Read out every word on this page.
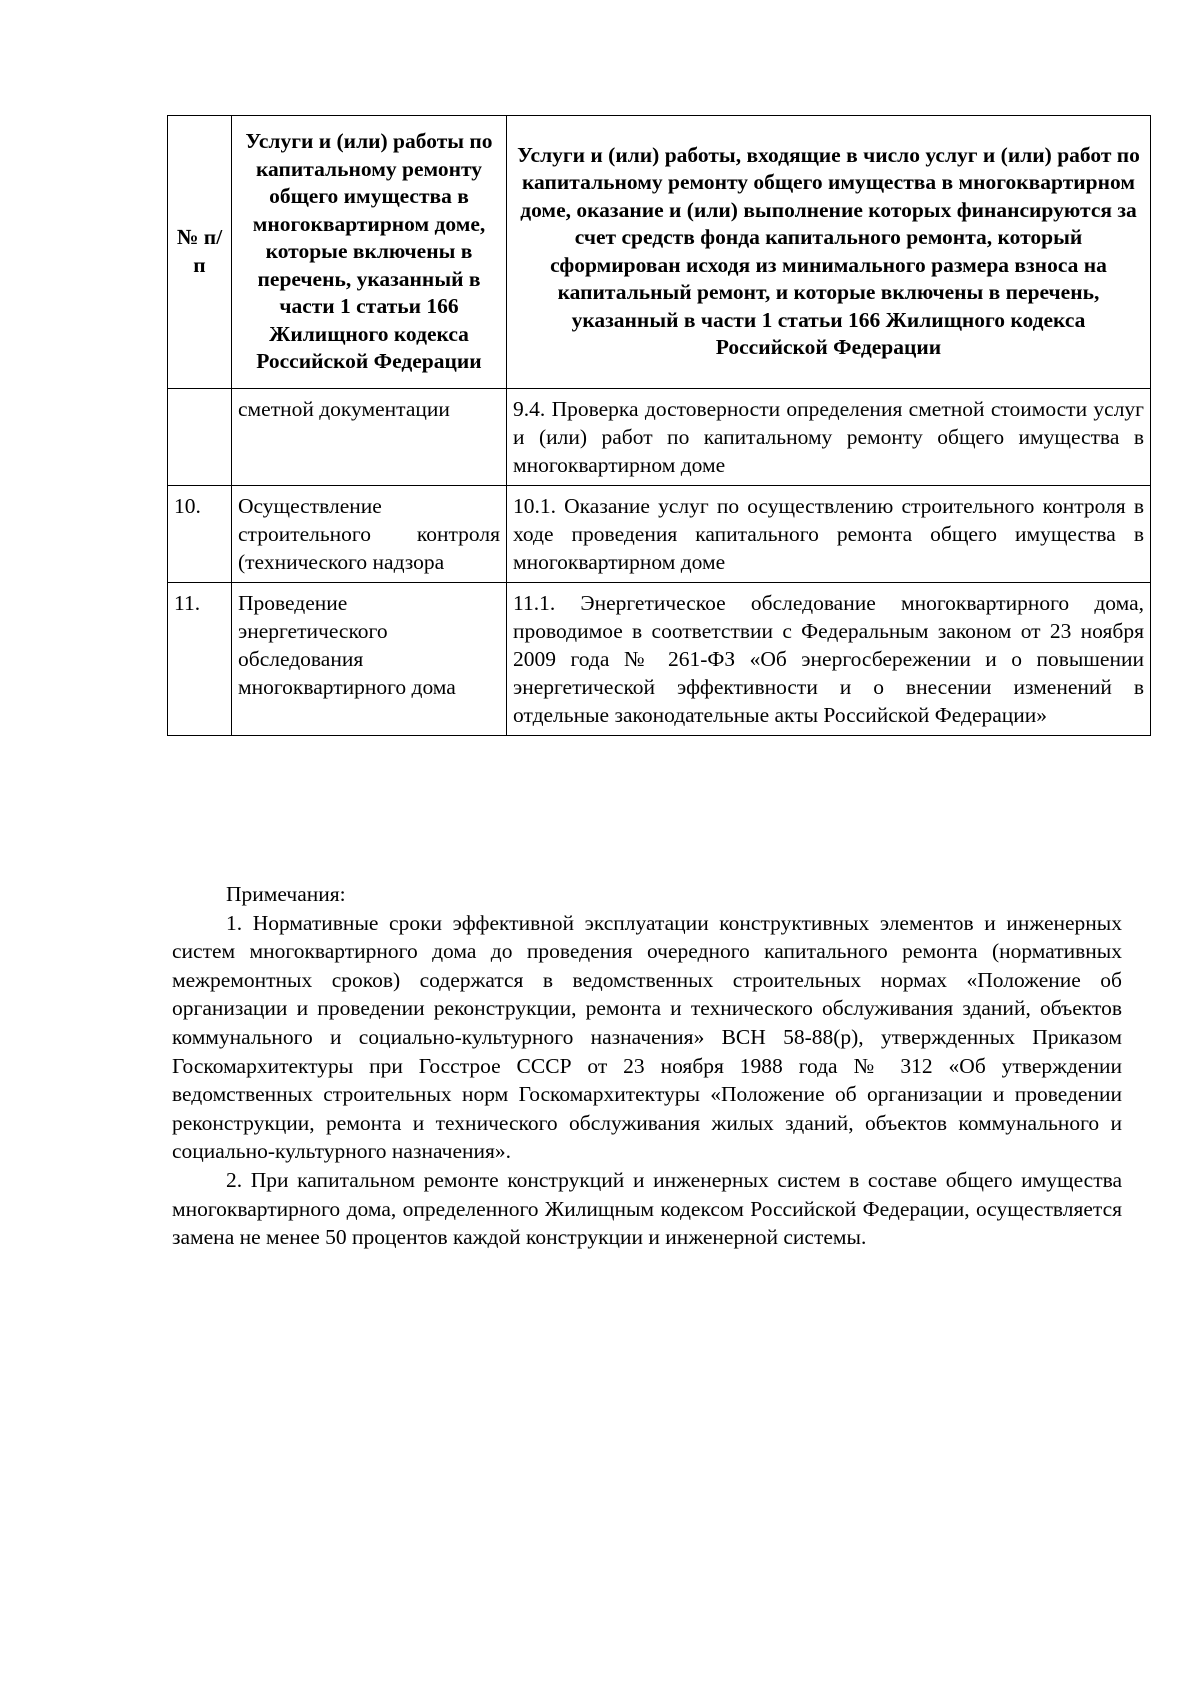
№ п/п	Услуги и (или) работы по капитальному ремонту общего имущества в многоквартирном доме, которые включены в перечень, указанный в части 1 статьи 166 Жилищного кодекса Российской Федерации	Услуги и (или) работы, входящие в число услуг и (или) работ по капитальному ремонту общего имущества в многоквартирном доме, оказание и (или) выполнение которых финансируются за счет средств фонда капитального ремонта, который сформирован исходя из минимального размера взноса на капитальный ремонт, и которые включены в перечень, указанный в части 1 статьи 166 Жилищного кодекса Российской Федерации
	сметной документации	9.4. Проверка достоверности определения сметной стоимости услуг и (или) работ по капитальному ремонту общего имущества в многоквартирном доме
10.	Осуществление строительного контроля (технического надзора	10.1. Оказание услуг по осуществлению строительного контроля в ходе проведения капитального ремонта общего имущества в многоквартирном доме
11.	Проведение энергетического обследования многоквартирного дома	11.1. Энергетическое обследование многоквартирного дома, проводимое в соответствии с Федеральным законом от 23 ноября 2009 года № 261-ФЗ «Об энергосбережении и о повышении энергетической эффективности и о внесении изменений в отдельные законодательные акты Российской Федерации»

Примечания:

1. Нормативные сроки эффективной эксплуатации конструктивных элементов и инженерных систем многоквартирного дома до проведения очередного капитального ремонта (нормативных межремонтных сроков) содержатся в ведомственных строительных нормах «Положение об организации и проведении реконструкции, ремонта и технического обслуживания зданий, объектов коммунального и социально-культурного назначения» ВСН 58-88(р), утвержденных Приказом Госкомархитектуры при Госстрое СССР от 23 ноября 1988 года № 312 «Об утверждении ведомственных строительных норм Госкомархитектуры «Положение об организации и проведении реконструкции, ремонта и технического обслуживания жилых зданий, объектов коммунального и социально-культурного назначения».

2. При капитальном ремонте конструкций и инженерных систем в составе общего имущества многоквартирного дома, определенного Жилищным кодексом Российской Федерации, осуществляется замена не менее 50 процентов каждой конструкции и инженерной системы.
